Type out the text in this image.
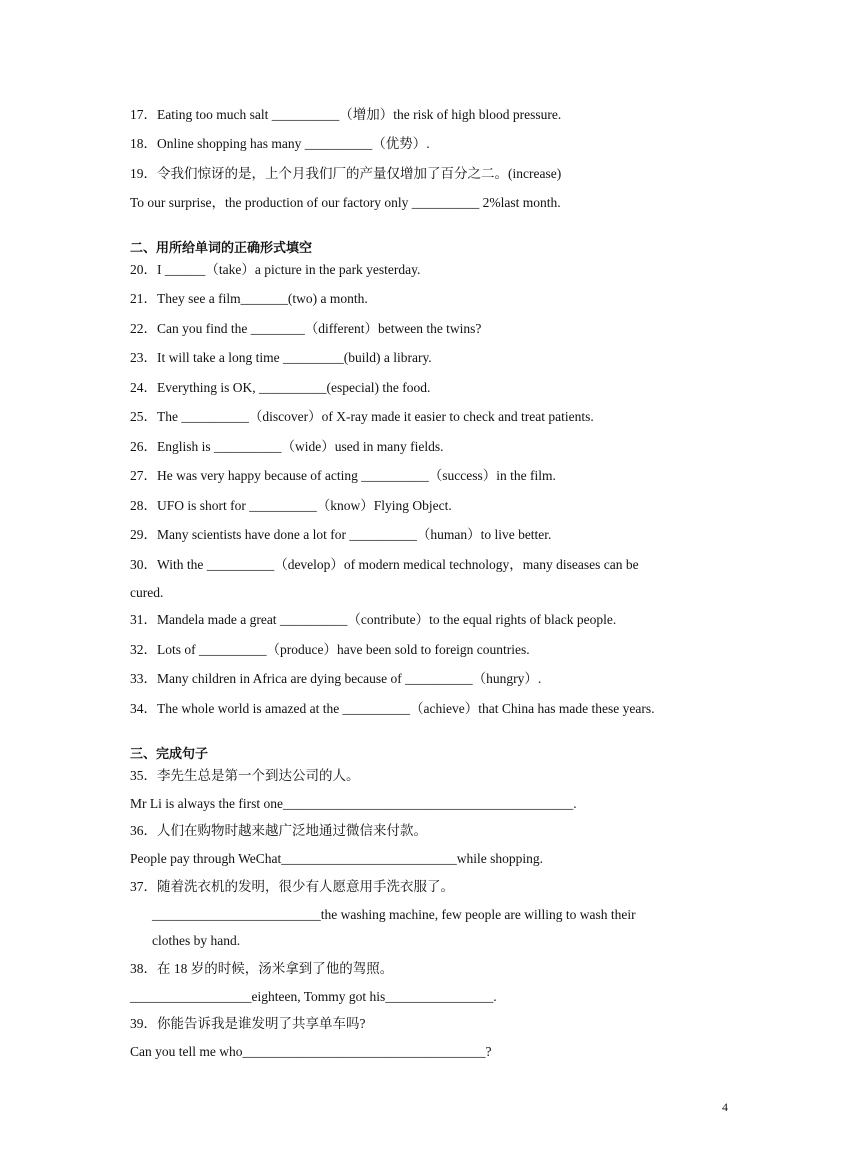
17．Eating too much salt __________（增加）the risk of high blood pressure.
18．Online shopping has many __________（优势）.
19．令我们惊讶的是，上个月我们厂的产量仅增加了百分之二。(increase)
To our surprise，the production of our factory only __________ 2%last month.
二、用所给单词的正确形式填空
20．I ______（take）a picture in the park yesterday.
21．They see a film_______(two) a month.
22．Can you find the ________（different）between the twins?
23．It will take a long time _________(build) a library.
24．Everything is OK, __________(especial) the food.
25．The __________（discover）of X-ray made it easier to check and treat patients.
26．English is __________（wide）used in many fields.
27．He was very happy because of acting __________（success）in the film.
28．UFO is short for __________（know）Flying Object.
29．Many scientists have done a lot for __________（human）to live better.
30．With the __________（develop）of modern medical technology，many diseases can be
cured.
31．Mandela made a great __________（contribute）to the equal rights of black people.
32．Lots of __________（produce）have been sold to foreign countries.
33．Many children in Africa are dying because of __________（hungry）.
34．The whole world is amazed at the __________（achieve）that China has made these years.
三、完成句子
35．李先生总是第一个到达公司的人。
Mr Li is always the first one___________________________________________.
36．人们在购物时越来越广泛地通过微信来付款。
People pay through WeChat__________________________while shopping.
37．随着洗衣机的发明，很少有人愿意用手洗衣服了。
_________________________the washing machine, few people are willing to wash their
clothes by hand.
38．在 18 岁的时候，汤米拿到了他的驾照。
__________________eighteen, Tommy got his________________.
39．你能告诉我是谁发明了共享单车吗?
Can you tell me who____________________________________?
4
